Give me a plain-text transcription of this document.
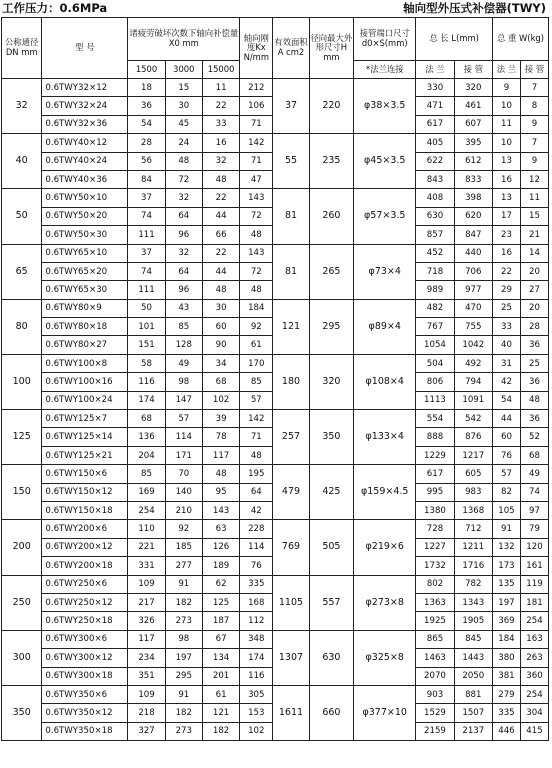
工作压力：0.6MPa	轴向型外压式补偿器(TWY)
公称通径DN mm	型 号	诸疲劳破坏次数下轴向补偿量X0 mm			轴向刚度Kx N/mm	有效面积A cm2	径向最大外形尺寸H mm	接管端口尺寸d0×S(mm)	总 长 L(mm)		总 重 W(kg)	
		1500	3000	15000				*法兰连接	法 兰	接 管	法 兰	接 管
32	0.6TWY32×12	18	15	11	212	37	220	φ38×3.5	330	320	9	7
	0.6TWY32×24	36	30	22	106				471	461	10	8
	0.6TWY32×36	54	45	33	71				617	607	11	9
40	0.6TWY40×12	28	24	16	142	55	235	φ45×3.5	405	395	10	7
	0.6TWY40×24	56	48	32	71				622	612	13	9
	0.6TWY40×36	84	72	48	47				843	833	16	12
50	0.6TWY50×10	37	32	22	143	81	260	φ57×3.5	408	398	13	11
	0.6TWY50×20	74	64	44	72				630	620	17	15
	0.6TWY50×30	111	96	66	48				857	847	23	21
65	0.6TWY65×10	37	32	22	143	81	265	φ73×4	452	440	16	14
	0.6TWY65×20	74	64	44	72				718	706	22	20
	0.6TWY65×30	111	96	48	48				989	977	29	27
80	0.6TWY80×9	50	43	30	184	121	295	φ89×4	482	470	25	20
	0.6TWY80×18	101	85	60	92				767	755	33	28
	0.6TWY80×27	151	128	90	61				1054	1042	40	36
100	0.6TWY100×8	58	49	34	170	180	320	φ108×4	504	492	31	25
	0.6TWY100×16	116	98	68	85				806	794	42	36
	0.6TWY100×24	174	147	102	57				1113	1091	54	48
125	0.6TWY125×7	68	57	39	142	257	350	φ133×4	554	542	44	36
	0.6TWY125×14	136	114	78	71				888	876	60	52
	0.6TWY125×21	204	171	117	48				1229	1217	76	68
150	0.6TWY150×6	85	70	48	195	479	425	φ159×4.5	617	605	57	49
	0.6TWY150×12	169	140	95	64				995	983	82	74
	0.6TWY150×18	254	210	143	42				1380	1368	105	97
200	0.6TWY200×6	110	92	63	228	769	505	φ219×6	728	712	91	79
	0.6TWY200×12	221	185	126	114				1227	1211	132	120
	0.6TWY200×18	331	277	189	76				1732	1716	173	161
250	0.6TWY250×6	109	91	62	335	1105	557	φ273×8	802	782	135	119
	0.6TWY250×12	217	182	125	168				1363	1343	197	181
	0.6TWY250×18	326	273	187	112				1925	1905	369	254
300	0.6TWY300×6	117	98	67	348	1307	630	φ325×8	865	845	184	163
	0.6TWY300×12	234	197	134	174				1463	1443	380	263
	0.6TWY300×18	351	295	201	116				2070	2050	381	360
350	0.6TWY350×6	109	91	61	305	1611	660	φ377×10	903	881	279	254
	0.6TWY350×12	218	182	121	153				1529	1507	335	304
	0.6TWY350×18	327	273	182	102				2159	2137	446	415
